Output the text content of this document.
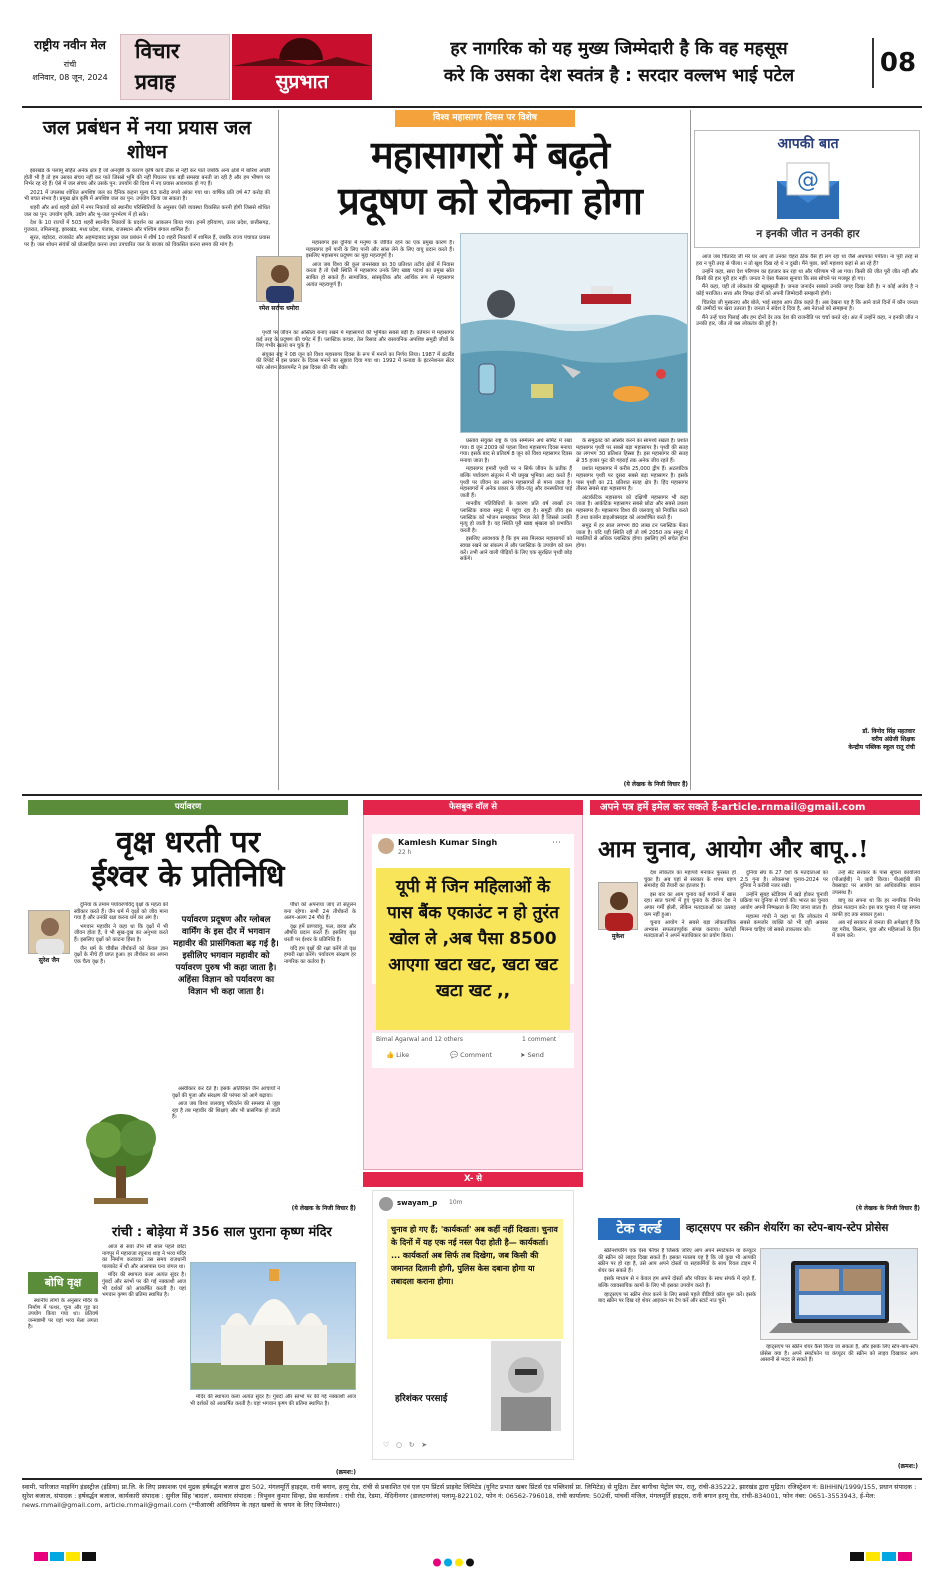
राष्ट्रीय नवीन मेल
रांची
शनिवार, 08 जून, 2024
विचार
प्रवाह	सुप्रभात
हर नागरिक को यह मुख्य जिम्मेदारी है कि वह महसूस
करे कि उसका देश स्वतंत्र है : सरदार वल्लभ भाई पटेल	08
जल प्रबंधन में नया प्रयास जल शोधन

झारखंड के पलामू सहित अनेक क्षेत्र हैं जो अनवृष्टि के कारण कृषि कार्य ठीक से नहीं कर पाते जबकि अन्य क्षेत्रों में बारिश अच्छी होती भी है तो हम उसका संचय नहीं कर पाते जिससे भूमि की नहीं पिघलन एक बड़ी समस्या बनती जा रही है और हम भीषण पर निर्भर रह रहे हैं। ऐसे में जल संचय और उसके पुन: उपयोग की दिशा में नए प्रयास आवश्यक हो गए हैं।

2021 में उपलब्ध शोधित अपशिष्ट जल का दैनिक कहना मूल्य 63 करोड़ रुपये आंका गया था। वार्षिक प्रति वर्ष 47 करोड़ की भी बचत संभव है। प्रमुख क्षेत्र कृषि में अपशिष्ट जल का पुन: उपयोग किया जा सकता है।

शहरी और अर्ध शहरी क्षेत्रों में नगर निकायों को स्थानीय परिस्थितियों के अनुसार ऐसी व्यवस्था विकसित करनी होगी जिससे शोधित जल का पुन: उपयोग कृषि, उद्योग और भू-जल पुनर्भरण में हो सके।

देश के 10 राज्यों में 503 शहरी स्थानीय निकायों के प्रदर्शन का आकलन किया गया। इनमें हरियाणा, उत्तर प्रदेश, छत्तीसगढ़, गुजरात, तमिलनाडु, झारखंड, मध्य प्रदेश, पंजाब, राजस्थान और पश्चिम बंगाल शामिल हैं।

सूरत, बड़ोदरा, राजकोट और अहमदाबाद प्रयुक्त जल प्रबंधन में शीर्ष 10 शहरी निकायों में शामिल हैं, जबकि राज्य पंचायत प्रयास पर है। जल शोधन संयंत्रों को प्रोत्साहित करना तथा उपचारित जल के बाजार को विकसित करना समय की मांग है।

विश्व महासागर दिवस पर विशेष
महासागरों में बढ़ते
प्रदूषण को रोकना होगा
रमेश सर्राफ धमोरा

महासागर इस दुनिया में मनुष्य के जीवित रहने का एक प्रमुख कारण है। महासागर हमें पानी के लिए पानी और सांस लेने के लिए वायु प्रदान करते हैं। इसलिए महासागर प्रदूषण का मुद्दा महत्वपूर्ण है।

आज जब विश्व की कुल जनसंख्या का 30 प्रतिशत तटीय क्षेत्रों में निवास करता है तो ऐसी स्थिति में महासागर उनके लिए खाद्य पदार्थ का प्रमुख स्रोत साबित हो सकते हैं। सामाजिक, सांस्कृतिक और आर्थिक रूप से महासागर अत्यंत महत्वपूर्ण हैं।

पृथ्वी पर जीवन का अस्तित्व बनाए रखने में महासागरों की भूमिका सबसे बड़ी है। वर्तमान में महासागर कई तरह के प्रदूषण की चपेट में हैं। प्लास्टिक कचरा, तेल रिसाव और रासायनिक अपशिष्ट समुद्री जीवों के लिए गंभीर खतरा बन चुके हैं।

संयुक्त राष्ट्र ने 08 जून को विश्व महासागर दिवस के रूप में मनाने का निर्णय लिया। 1987 में ब्रंटलैंड की रिपोर्ट में इस प्रकार के दिवस मनाने का सुझाव दिया गया था। 1992 में कनाडा के इंटरनेशनल सेंटर फॉर ओशन डेवलपमेंट ने इस दिवस की नींव रखी।

प्रस्ताव संयुक्त राष्ट्र के एक सम्मेलन अर्थ समिट में रखा गया। 8 जून 2009 को पहला विश्व महासागर दिवस मनाया गया। इसके बाद से प्रतिवर्ष 8 जून को विश्व महासागर दिवस मनाया जाता है।

महासागर हमारी पृथ्वी पर न सिर्फ जीवन के प्रतीक हैं बल्कि पर्यावरण संतुलन में भी प्रमुख भूमिका अदा करते हैं। पृथ्वी पर जीवन का आरंभ महासागरों से माना जाता है। महासागरों में अनेक प्रकार के जीव-जंतु और वनस्पतियां पाई जाती हैं।

मानवीय गतिविधियों के कारण प्रति वर्ष लाखों टन प्लास्टिक कचरा समुद्र में पहुंच रहा है। समुद्री जीव इस प्लास्टिक को भोजन समझकर निगल लेते हैं जिससे उनकी मृत्यु हो जाती है। यह स्थिति पूरी खाद्य श्रृंखला को प्रभावित करती है।

इसलिए आवश्यक है कि हम सब मिलकर महासागरों को स्वच्छ रखने का संकल्प लें और प्लास्टिक के उपयोग को कम करें। तभी आने वाली पीढ़ियों के लिए एक सुरक्षित पृथ्वी छोड़ सकेंगे।

के समुद्रतट को अस्थिर करने का सामर्थ्य रखता है। प्रशांत महासागर पृथ्वी पर सबसे बड़ा महासागर है। पृथ्वी की सतह का लगभग 30 प्रतिशत हिस्सा है। इस महासागर की सतह से 35 हजार फुट की गहराई तक अनेक जीव रहते हैं।

प्रशांत महासागर में करीब 25,000 द्वीप हैं। अटलांटिक महासागर पृथ्वी पर दूसरा सबसे बड़ा महासागर है। इसके पास पृथ्वी का 21 प्रतिशत सतह क्षेत्र है। हिंद महासागर तीसरा सबसे बड़ा महासागर है।

अंटार्कटिक महासागर को दक्षिणी महासागर भी कहा जाता है। आर्कटिक महासागर सबसे छोटा और सबसे उथला महासागर है। महासागर विश्व की जलवायु को नियंत्रित करते हैं तथा कार्बन डाइऑक्साइड को अवशोषित करते हैं।

समुद्र में हर साल लगभग 80 लाख टन प्लास्टिक फेंका जाता है। यदि यही स्थिति रही तो वर्ष 2050 तक समुद्र में मछलियों से अधिक प्लास्टिक होगा। इसलिए हमें सचेत होना होगा।

(ये लेखक के निजी विचार हैं)
आपकी बात
@
न इनकी जीत न उनकी हार

आज जब चिंतारेड जी मेरे घर आए तो उनका चेहरा ठीक वैसे ही लग रहा था जैसे अधपका पपीता। ना पूरी तरह से हरा न पूरी तरह से पीला। न तो खुश दिख रहे थे न दुखी। मैंने पूछा, क्यों महाशय कहां से आ रहे हैं?

उन्होंने कहा, सारा देश परिणाम का इंतजार कर रहा था और परिणाम भी आ गया। किसी की जीत पूरी जीत नहीं और किसी की हार पूरी हार नहीं। जनता ने ऐसा फैसला सुनाया कि सब सोचने पर मजबूर हो गए।

मैंने कहा, यही तो लोकतंत्र की खूबसूरती है। जनता जनार्दन सबको उनकी जगह दिखा देती है। न कोई अजेय है न कोई पराजित। सत्ता और विपक्ष दोनों को अपनी जिम्मेदारी समझनी होगी।

चिंतारेड जी मुस्कराए और बोले, भाई साहब आप ठीक कहते हैं। अब देखना यह है कि आने वाले दिनों में कौन जनता की उम्मीदों पर खरा उतरता है। जनता ने संदेश दे दिया है, अब नेताओं को समझना है।

मैंने उन्हें चाय पिलाई और हम दोनों देर तक देश की राजनीति पर चर्चा करते रहे। अंत में उन्होंने कहा, न इनकी जीत न उनकी हार, जीत तो बस लोकतंत्र की हुई है।

डॉ. विनोद सिंह महतवार
वरीय अंग्रेजी शिक्षक
केन्द्रीय पब्लिक स्कूल रातू रांची
पर्यावरण
वृक्ष धरती पर
ईश्वर के प्रतिनिधि
सुरेश जैन

दुनिया के तमाम पर्यावरणविद् वृक्षों के महत्व को स्वीकार करते हैं। जैन धर्म में वृक्षों को जीव माना गया है और उनकी रक्षा करना धर्म का अंग है।

भगवान महावीर ने कहा था कि वृक्षों में भी जीवन होता है, वे भी सुख-दुख का अनुभव करते हैं। इसलिए वृक्षों को काटना हिंसा है।

जैन धर्म के चौबीस तीर्थंकरों को केवल ज्ञान वृक्षों के नीचे ही प्राप्त हुआ। हर तीर्थंकर का अपना एक चैत्य वृक्ष है।

पर्यावरण प्रदूषण और ग्लोबल वार्मिंग के इस दौर में भगवान महावीर की प्रासंगिकता बढ़ गई है। इसीलिए भगवान महावीर को पर्यावरण पुरुष भी कहा जाता है। अहिंसा विज्ञान को पर्यावरण का विज्ञान भी कहा जाता है।

अस्वीकार कर देते हैं। इसके अतिरिक्त जैन आचार्यों ने वृक्षों की पूजा और संरक्षण की परंपरा को आगे बढ़ाया।

आज जब विश्व जलवायु परिवर्तन की समस्या से जूझ रहा है तब महावीर की शिक्षाएं और भी प्रासंगिक हो जाती हैं।

पौधों को अपनाया जाए तो संतुलन बना रहेगा। सभी 24 तीर्थंकरों के अलग-अलग 24 पौधे हैं।

वृक्ष हमें प्राणवायु, फल, छाया और औषधि प्रदान करते हैं। इसलिए वृक्ष धरती पर ईश्वर के प्रतिनिधि हैं।

यदि हम वृक्षों की रक्षा करेंगे तो वृक्ष हमारी रक्षा करेंगे। पर्यावरण संरक्षण हर नागरिक का कर्तव्य है।

(ये लेखक के निजी विचार हैं)
फेसबुक वॉल से
Kamlesh Kumar Singh
22 h
⋯
यूपी में जिन महिलाओं के पास बैंक एकाउंट न हो तुरंत खोल ले ,अब पैसा 8500 आएगा खटा खट, खटा खट खटा खट ,,
Bimal Agarwal and 12 others	1 comment
👍 Like	💬 Comment	➤ Send
X- से
swayam_p 10m
चुनाव हो गए हैं; 'कार्यकर्ता' अब कहीं नहीं दिखता। चुनाव के दिनों में यह एक नई नस्ल पैदा होती है— कार्यकर्ता। ... कार्यकर्ता अब सिर्फ तब दिखेगा, जब किसी की जमानत दिलानी होगी, पुलिस केस दबाना होगा या तबादला कराना होगा।
हरिशंकर परसाई
♡   ○   ↻   ➤
अपने पत्र हमें इमेल कर सकते हैं-article.rnmail@gmail.com
आम चुनाव, आयोग और बापू..!
मुकेश

देश लोकतंत्र का महापर्व मनाकर फुरसत हो चुका है। अब यहां से सरकार के शपथ ग्रहण समारोह की तैयारी का इंतजार है।

इस बार का आम चुनाव कई मायनों में खास रहा। सात चरणों में हुए चुनाव के दौरान देश ने अपार गर्मी झेली, लेकिन मतदाताओं का उत्साह कम नहीं हुआ।

चुनाव आयोग ने सबसे बड़ा लोकतांत्रिक अभ्यास सफलतापूर्वक संपन्न कराया। करोड़ों मतदाताओं ने अपने मताधिकार का प्रयोग किया।

दुनिया संघ के 27 देशों के मतदाताओं का 2.5 गुना है। लोकसभा चुनाव-2024 पर दुनिया ने करीबी नजर रखी।

उन्होंने सुबह स्टेडियम में खड़े होकर चुनावी प्रक्रिया पर दुनिया से चर्चा की। भारत का चुनाव आयोग अपनी निष्पक्षता के लिए जाना जाता है।

महात्मा गांधी ने कहा था कि लोकतंत्र में सबसे कमजोर व्यक्ति को भी वही अवसर मिलना चाहिए जो सबसे ताकतवर को।

उन्हें सेट सरकार के पास सूचना कार्यालय (पीआईबी) ने जारी किया। पीआईबी की वेबसाइट पर आयोग का आधिकारिक बयान उपलब्ध है।

बापू का सपना था कि हर नागरिक निर्भय होकर मतदान करे। इस बार चुनाव में यह सपना काफी हद तक साकार हुआ।

अब नई सरकार से जनता की अपेक्षाएं हैं कि वह गरीब, किसान, युवा और महिलाओं के हित में काम करे।

(ये लेखक के निजी विचार हैं)
टेक वर्ल्ड	व्हाट्सएप पर स्क्रीन शेयरिंग का स्टेप-बाय-स्टेप प्रोसेस

स्क्रीनशेयरिंग एक ऐसा फीचर है जिसके जरिए आप अपने स्मार्टफोन या कंप्यूटर की स्क्रीन को लाइव दिखा सकते हैं। इसका मतलब यह है कि जो कुछ भी आपकी स्क्रीन पर हो रहा है, उसे आप अपने दोस्तों या सहकर्मियों के साथ रियल टाइम में शेयर कर सकते हैं।

इसके माध्यम से न केवल हम अपने दोस्तों और परिवार के साथ संपर्क में रहते हैं, बल्कि व्यावसायिक कामों के लिए भी इसका उपयोग करते हैं।

व्हाट्सएप पर स्क्रीन शेयर करने के लिए सबसे पहले वीडियो कॉल शुरू करें। इसके बाद स्क्रीन पर दिख रहे शेयर आइकन पर टैप करें और स्टार्ट नाउ चुनें।

व्हाट्सएप पर स्क्रीन शेयर कैसे किया जा सकता है, और इसके लिए स्टेप-बाय-स्टेप प्रोसेस क्या है। अपने स्मार्टफोन या कंप्यूटर की स्क्रीन को लाइव दिखाकर आप आसानी से मदद ले सकते हैं।

(क्रमश:)
रांची : बोड़ेया में 356 साल पुराना कृष्ण मंदिर
बोधि वृक्ष

आज से सवा तीन सौ साल पहले छोटा नागपुर में महाराजा रघुनाथ शाह ने भव्य मंदिर का निर्माण करवाया। उस समय राजधानी पालकोट में थी और आसपास घना जंगल था।

मंदिर की स्थापत्य कला अत्यंत सुंदर है। गुंबदों और स्तंभों पर की गई नक्काशी आज भी दर्शकों को आकर्षित करती है। यहां भगवान कृष्ण की प्रतिमा स्थापित है।

स्थानीय लोगों के अनुसार मंदिर के निर्माण में पत्थर, चूना और गुड़ का उपयोग किया गया था। प्रतिवर्ष जन्माष्टमी पर यहां भव्य मेला लगता है।

मंदिर की स्थापत्य कला अत्यंत सुंदर है। गुंबदों और स्तंभों पर की गई नक्काशी आज भी दर्शकों को आकर्षित करती है। यहां भगवान कृष्ण की प्रतिमा स्थापित है।

(क्रमश:)
स्वामी, पारिजात माइनिंग इंडस्ट्रीज (इंडिया) प्रा.लि. के लिए प्रकाशक एवं मुद्रक हर्षवर्द्धन बजाज द्वारा 502, मंगलमूर्ति हाइट्स, रानी बगान, हरमू रोड, रांची से प्रकाशित एवं एल एम प्रिंटर्स प्राइवेट लिमिटेड (यूनिट प्रभात खबर प्रिंटर्स एंड पब्लिशर्स प्रा. लिमिटेड) से मुद्रित। टेंडर बागीचा पेट्रोल पंप, रातू, रांची-835222, झारखंड द्वारा मुद्रित। रजिस्ट्रेशन नं: BIHHIN/1999/155, प्रधान संपादक : सुरेश बजाज, संपादक : हर्षवर्द्धन बजाज, कार्यकारी संपादक : सुनील सिंह 'बादल', समाचार संपादक : त्रिभुवन कुमार सिन्हा, प्रेस कार्यालय : रांची रोड, रेडमा, मेदिनीनगर (डालटनगंज) पलामू-822102, फोन नं: 06562-796018, रांची कार्यालय: 502वीं, पांचवीं मंजिल, मंगलमूर्ति हाइट्स, रानी बगान हरमू रोड, रांची-834001, फोन नंबर: 0651-3553943, ई-मेल: news.rnmail@gmail.com, article.rnmail@gmail.com (*पीआरबी अधिनियम के तहत खबरों के चयन के लिए जिम्मेवार।)
